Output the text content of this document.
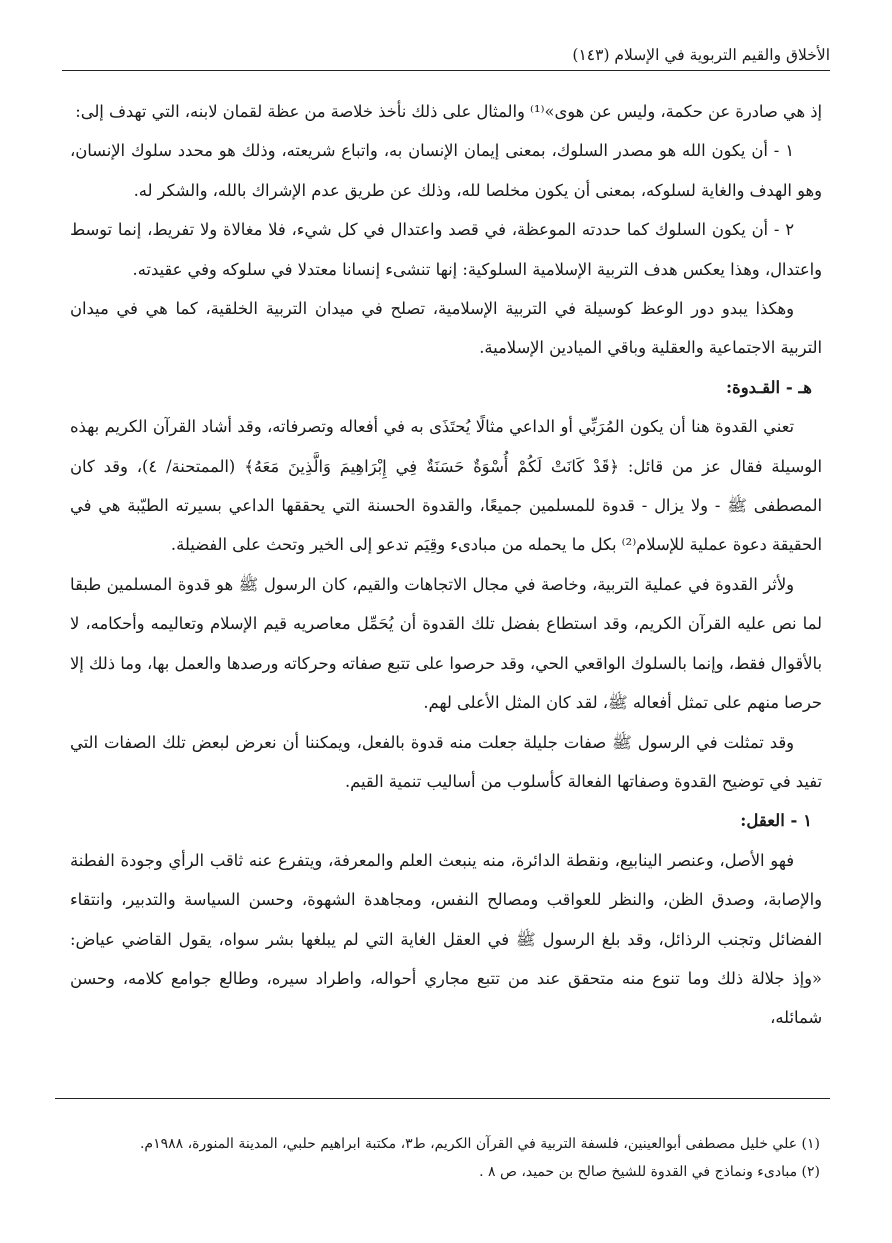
الأخلاق والقيم التربوية في الإسلام (١٤٣)

إذ هي صادرة عن حكمة، وليس عن هوى»⁽¹⁾ والمثال على ذلك نأخذ خلاصة من عظة لقمان لابنه، التي تهدف إلى:

١ - أن يكون الله هو مصدر السلوك، بمعنى إيمان الإنسان به، واتباع شريعته، وذلك هو محدد سلوك الإنسان، وهو الهدف والغاية لسلوكه، بمعنى أن يكون مخلصا لله، وذلك عن طريق عدم الإشراك بالله، والشكر له.

٢ - أن يكون السلوك كما حددته الموعظة، في قصد واعتدال في كل شيء، فلا مغالاة ولا تفريط، إنما توسط واعتدال، وهذا يعكس هدف التربية الإسلامية السلوكية: إنها تنشىء إنسانا معتدلا في سلوكه وفي عقيدته.

وهكذا يبدو دور الوعظ كوسيلة في التربية الإسلامية، تصلح في ميدان التربية الخلقية، كما هي في ميدان التربية الاجتماعية والعقلية وباقي الميادين الإسلامية.

هـ - القـدوة:

تعني القدوة هنا أن يكون المُرَبِّي أو الداعي مثالًا يُحتَذَى به في أفعاله وتصرفاته، وقد أشاد القرآن الكريم بهذه الوسيلة فقال عز من قائل: ﴿قَدْ كَانَتْ لَكُمْ أُسْوَةٌ حَسَنَةٌ فِي إِبْرَاهِيمَ وَالَّذِينَ مَعَهُ﴾ (الممتحنة/ ٤)، وقد كان المصطفى ﷺ - ولا يزال - قدوة للمسلمين جميعًا، والقدوة الحسنة التي يحققها الداعي بسيرته الطيّبة هي في الحقيقة دعوة عملية للإسلام⁽²⁾ بكل ما يحمله من مبادىء وقِيَم تدعو إلى الخير وتحث على الفضيلة.

ولأثر القدوة في عملية التربية، وخاصة في مجال الاتجاهات والقيم، كان الرسول ﷺ هو قدوة المسلمين طبقا لما نص عليه القرآن الكريم، وقد استطاع بفضل تلك القدوة أن يُحَمِّل معاصريه قيم الإسلام وتعاليمه وأحكامه، لا بالأقوال فقط، وإنما بالسلوك الواقعي الحي، وقد حرصوا على تتبع صفاته وحركاته ورصدها والعمل بها، وما ذلك إلا حرصا منهم على تمثل أفعاله ﷺ، لقد كان المثل الأعلى لهم.

وقد تمثلت في الرسول ﷺ صفات جليلة جعلت منه قدوة بالفعل، ويمكننا أن نعرض لبعض تلك الصفات التي تفيد في توضيح القدوة وصفاتها الفعالة كأسلوب من أساليب تنمية القيم.

١ - العقل:

فهو الأصل، وعنصر الينابيع، ونقطة الدائرة، منه ينبعث العلم والمعرفة، ويتفرع عنه ثاقب الرأي وجودة الفطنة والإصابة، وصدق الظن، والنظر للعواقب ومصالح النفس، ومجاهدة الشهوة، وحسن السياسة والتدبير، وانتقاء الفضائل وتجنب الرذائل، وقد بلغ الرسول ﷺ في العقل الغاية التي لم يبلغها بشر سواه، يقول القاضي عياض: «وإذ جلالة ذلك وما تنوع منه متحقق عند من تتبع مجاري أحواله، واطراد سيره، وطالع جوامع كلامه، وحسن شمائله،

(١) علي خليل مصطفى أبوالعينين، فلسفة التربية في القرآن الكريم، ط٣، مكتبة ابراهيم حلبي، المدينة المنورة، ١٩٨٨م.

(٢) مبادىء ونماذج في القدوة للشيخ صالح بن حميد، ص ٨ .
